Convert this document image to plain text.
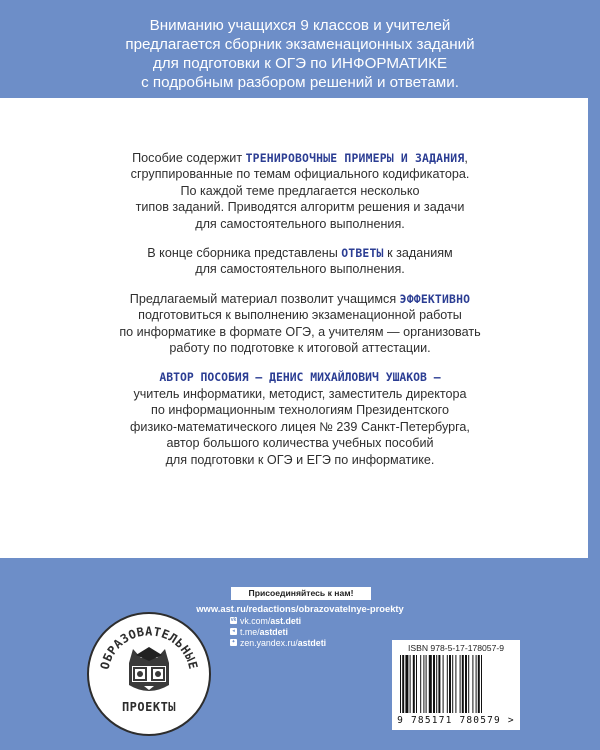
Вниманию учащихся 9 классов и учителей
предлагается сборник экзаменационных заданий
для подготовки к ОГЭ по ИНФОРМАТИКЕ
с подробным разбором решений и ответами.

Пособие содержит ТРЕНИРОВОЧНЫЕ ПРИМЕРЫ И ЗАДАНИЯ,
сгруппированные по темам официального кодификатора.
По каждой теме предлагается несколько
типов заданий. Приводятся алгоритм решения и задачи
для самостоятельного выполнения.

В конце сборника представлены ОТВЕТЫ к заданиям
для самостоятельного выполнения.

Предлагаемый материал позволит учащимся ЭФФЕКТИВНО
подготовиться к выполнению экзаменационной работы
по информатике в формате ОГЭ, а учителям — организовать
работу по подготовке к итоговой аттестации.

АВТОР ПОСОБИЯ — ДЕНИС МИХАЙЛОВИЧ УШАКОВ —
учитель информатики, методист, заместитель директора
по информационным технологиям Президентского
физико-математического лицея № 239 Санкт-Петербурга,
автор большого количества учебных пособий
для подготовки к ОГЭ и ЕГЭ по информатике.

Присоединяйтесь к нам!
www.ast.ru/redactions/obrazovatelnye-proekty
vk vk.com/ ast.deti
◂ t.me/ astdeti
✦ zen.yandex.ru/ astdeti
ОБРАЗОВАТЕЛЬНЫЕ
ПРОЕКТЫ
ISBN 978-5-17-178057-9
9 785171 780579 >
